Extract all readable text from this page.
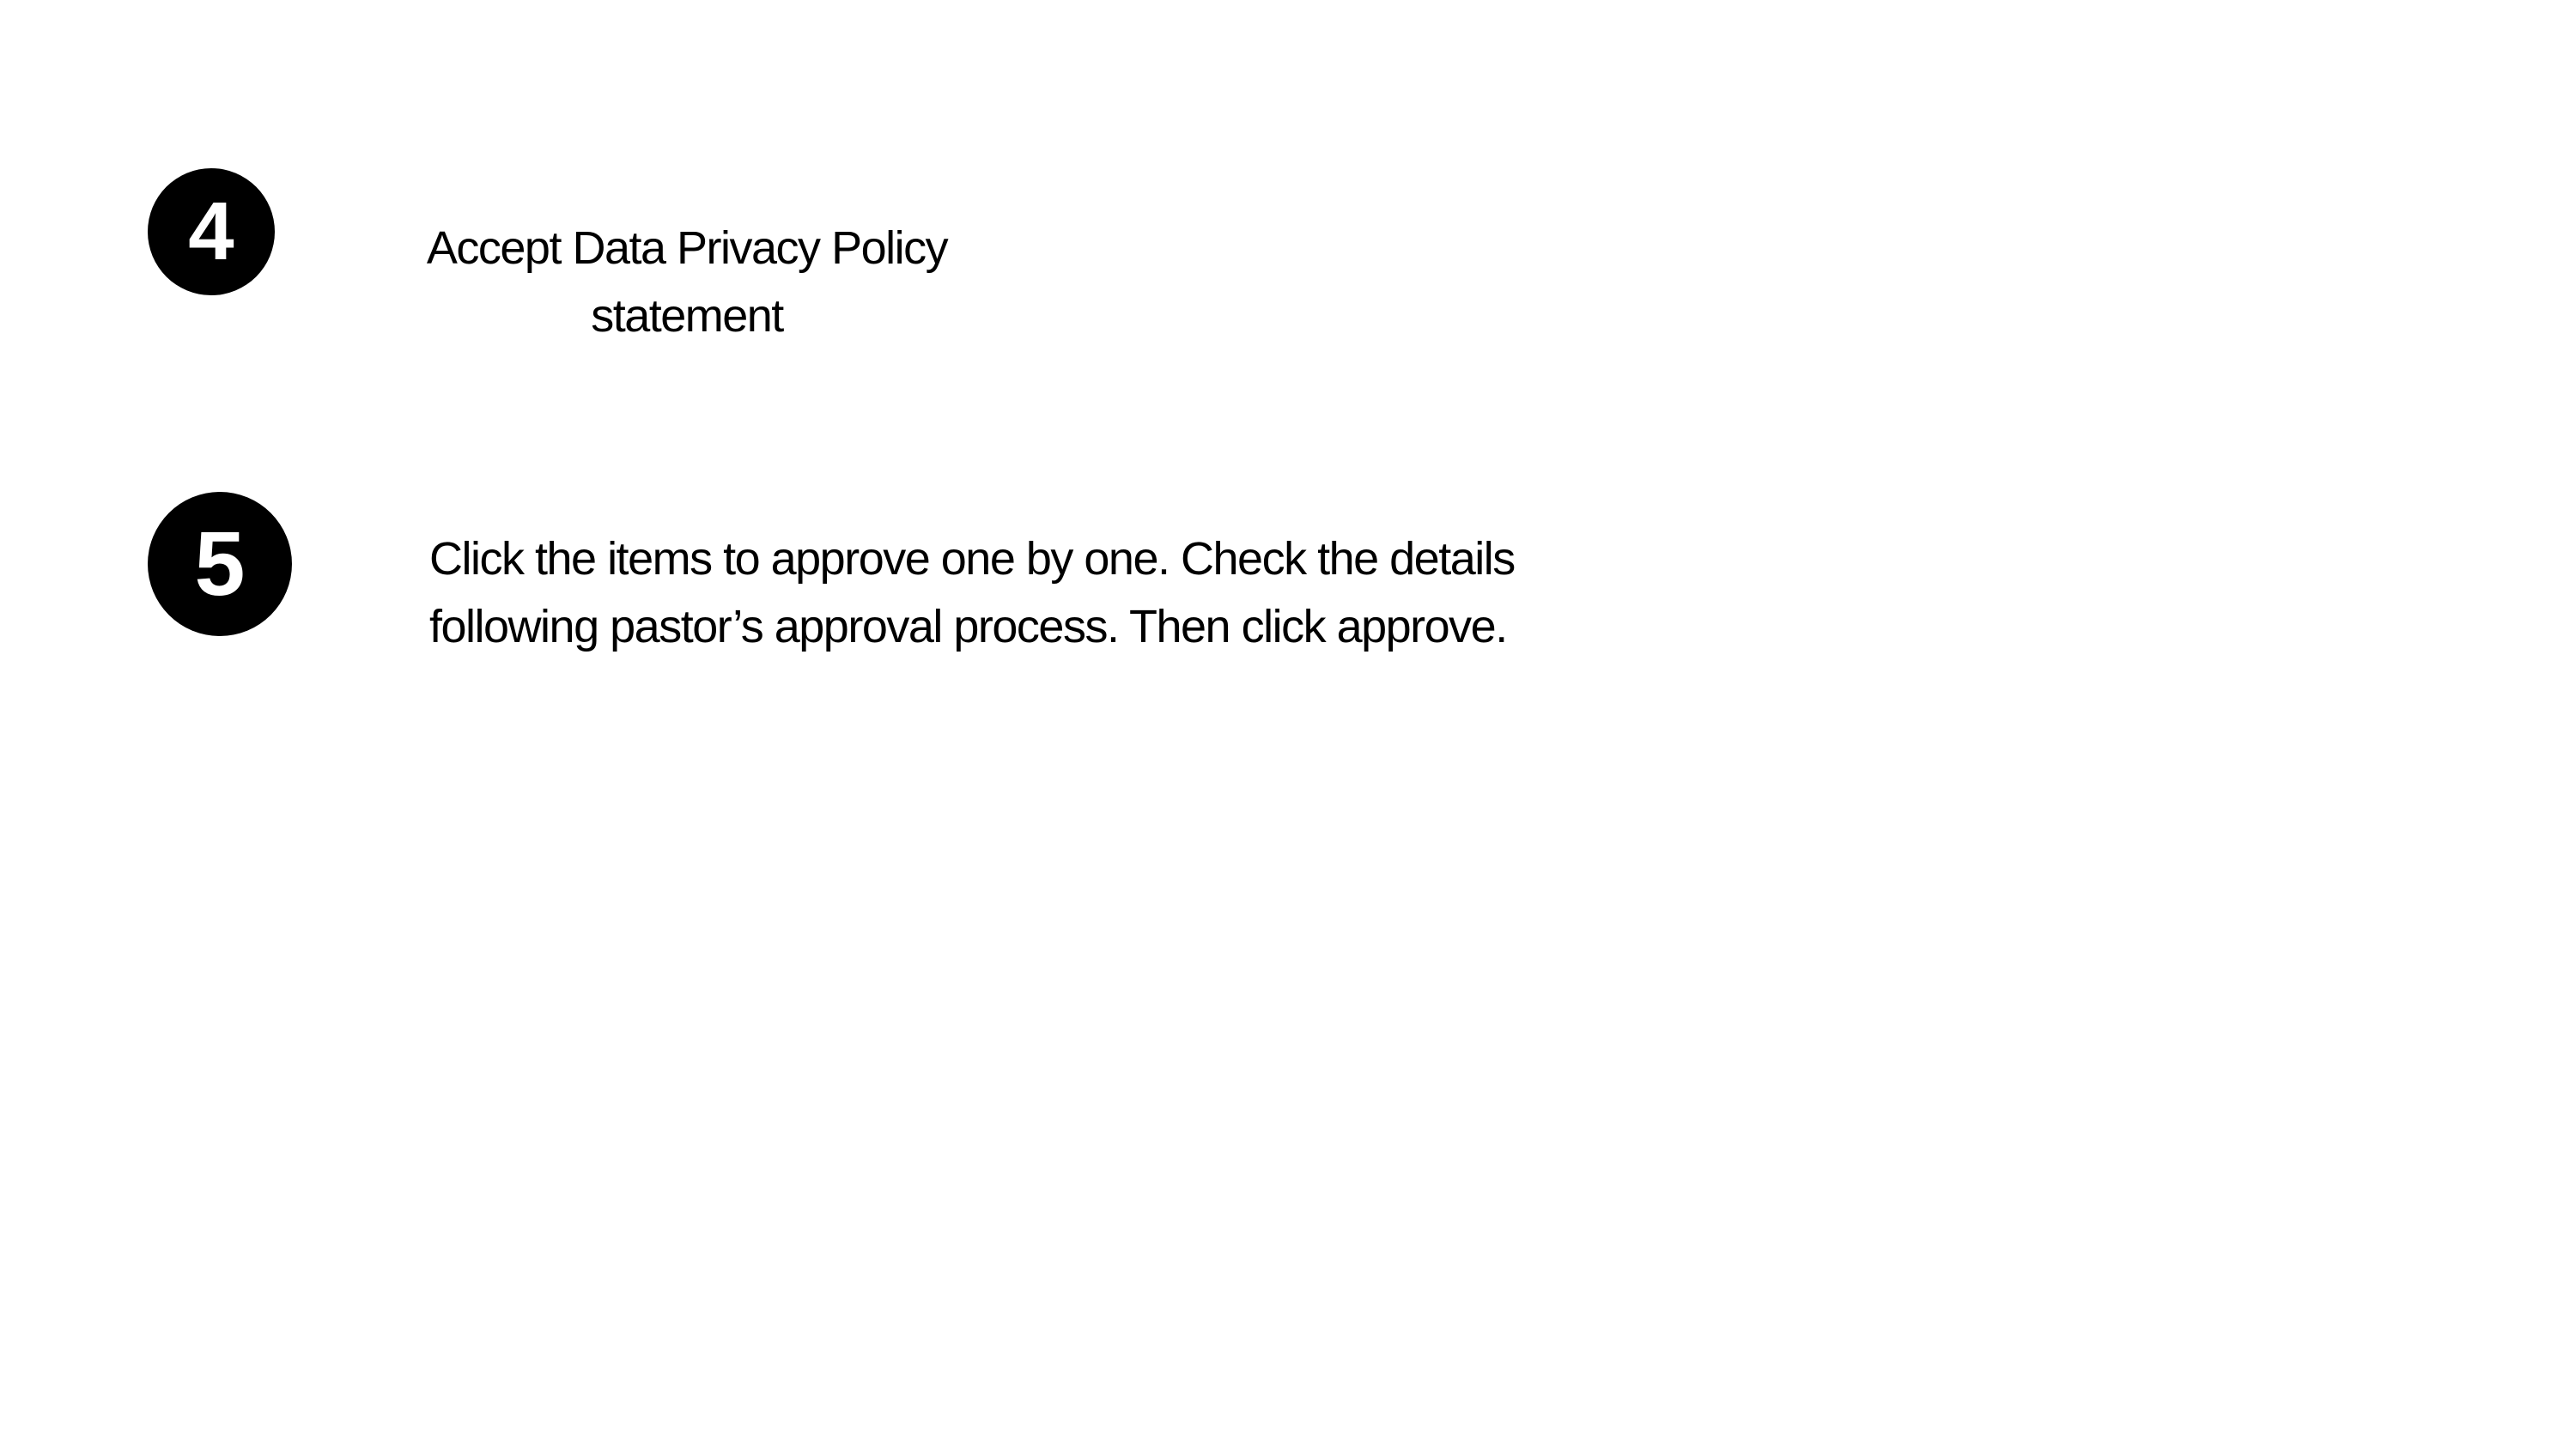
4	Accept Data Privacy Policy
statement
5	Click the items to approve one by one. Check the details
following pastor’s approval process. Then click approve.
